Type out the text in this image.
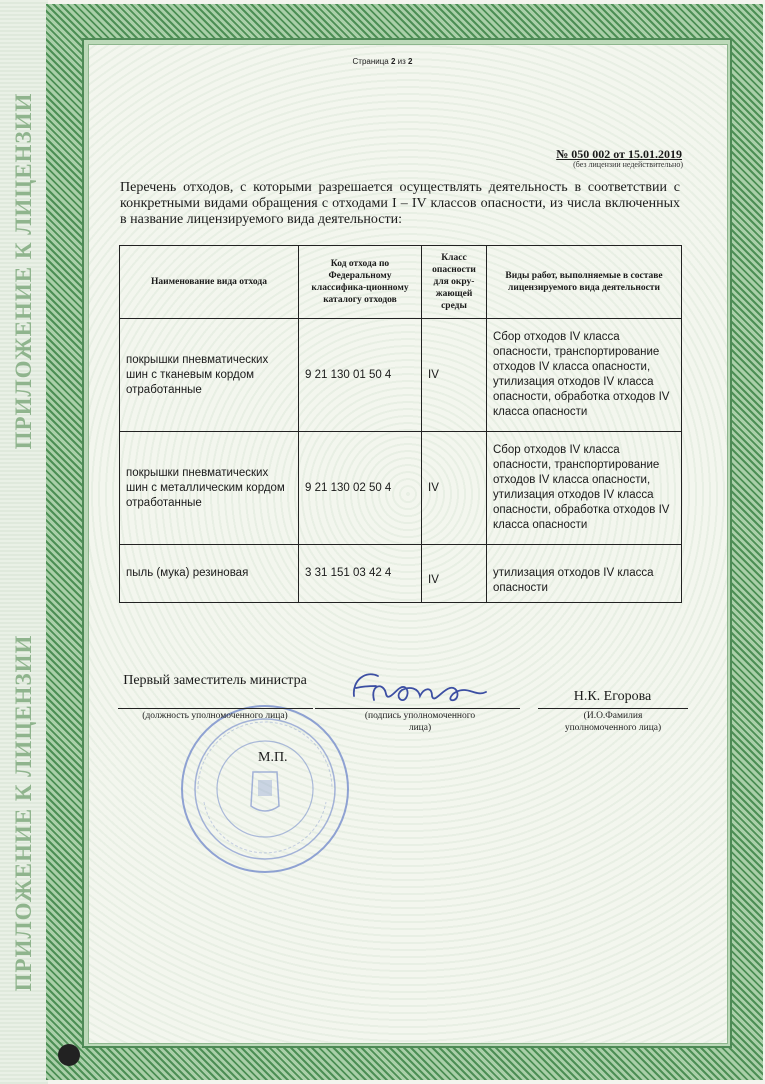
ПРИЛОЖЕНИЕ К ЛИЦЕНЗИИ
ПРИЛОЖЕНИЕ К ЛИЦЕНЗИИ
Страница 2 из 2
№ 050 002 от 15.01.2019
(без лицензии недействительно)
Перечень отходов, с которыми разрешается осуществлять деятельность в соответствии с конкретными видами обращения с отходами I – IV классов опасности, из числа включенных в название лицензируемого вида деятельности:
Наименование вида отхода	Код отхода по Федеральному классифика-ционному каталогу отходов	Класс опасности для окру-жающей среды	Виды работ, выполняемые в составе лицензируемого вида деятельности
покрышки пневматических шин с тканевым кордом отработанные	9 21 130 01 50 4	IV	Сбор отходов IV класса опасности, транспортирование отходов IV класса опасности, утилизация отходов IV класса опасности, обработка отходов IV класса опасности
покрышки пневматических шин с металлическим кордом отработанные	9 21 130 02 50 4	IV	Сбор отходов IV класса опасности, транспортирование отходов IV класса опасности, утилизация отходов IV класса опасности, обработка отходов IV класса опасности
пыль (мука) резиновая	3 31 151 03 42 4	IV	утилизация отходов IV класса опасности
Первый заместитель министра
(должность уполномоченного лица)	(подпись уполномоченного лица)
Н.К. Егорова
(И.О.Фамилия уполномоченного лица)
М.П.
